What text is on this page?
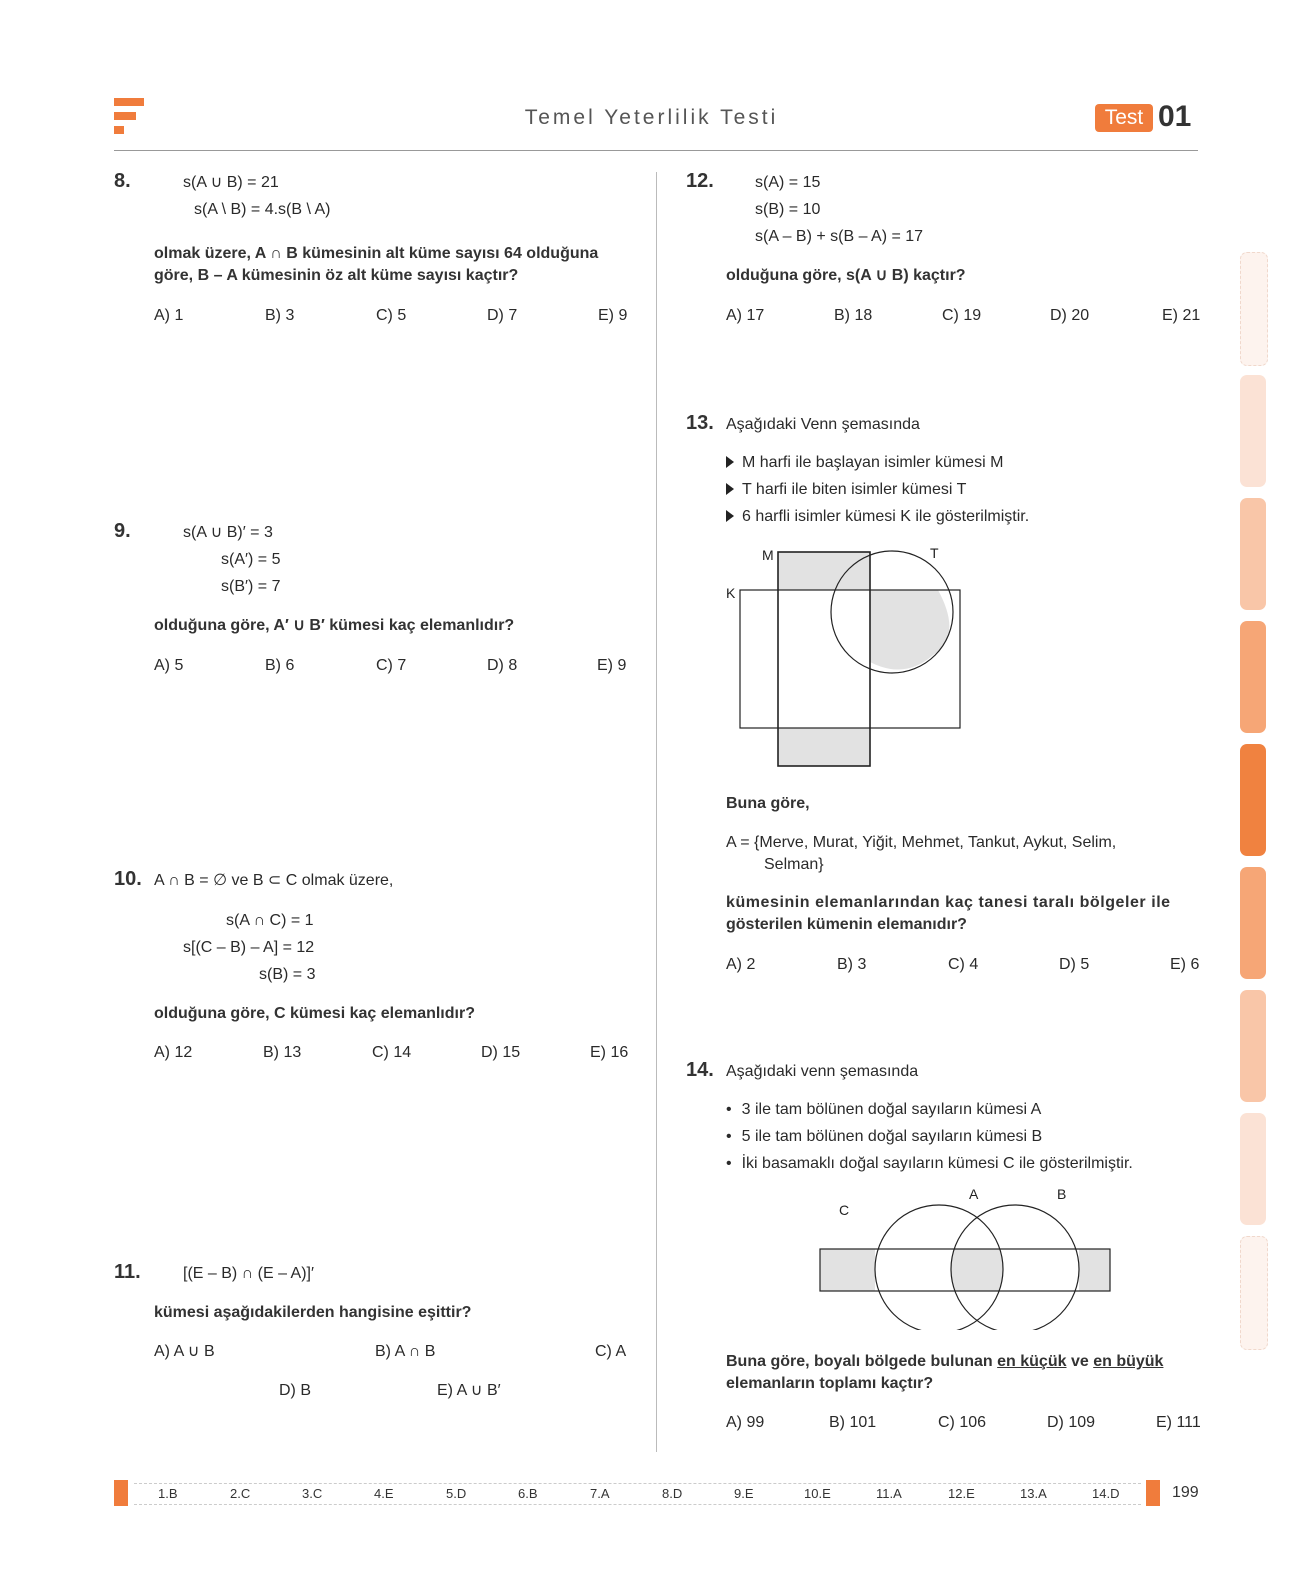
Temel Yeterlilik Testi	Test 01
8.	s(A ∪ B) = 21
s(A \ B) = 4.s(B \ A)
olmak üzere, A ∩ B kümesinin alt küme sayısı 64 olduğuna
göre, B – A kümesinin öz alt küme sayısı kaçtır?
A) 1	B) 3	C) 5	D) 7	E) 9
9.	s(A ∪ B)′ = 3
s(A′) = 5
s(B′) = 7
olduğuna göre, A′ ∪ B′ kümesi kaç elemanlıdır?
A) 5	B) 6	C) 7	D) 8	E) 9
10. A ∩ B = ∅ ve B ⊂ C olmak üzere,
s(A ∩ C) = 1
s[(C – B) – A] = 12
s(B) = 3
olduğuna göre, C kümesi kaç elemanlıdır?
A) 12	B) 13	C) 14	D) 15	E) 16
11.	[(E – B) ∩ (E – A)]′
kümesi aşağıdakilerden hangisine eşittir?
A) A ∪ B	B) A ∩ B	C) A
D) B	E) A ∪ B′
12.	s(A) = 15
s(B) = 10
s(A – B) + s(B – A) = 17
olduğuna göre, s(A ∪ B) kaçtır?
A) 17	B) 18	C) 19	D) 20	E) 21
13. Aşağıdaki Venn şemasında
M harfi ile başlayan isimler kümesi M
T harfi ile biten isimler kümesi T
6 harfli isimler kümesi K ile gösterilmiştir.
M	T
K
Buna göre,
A = {Merve, Murat, Yiğit, Mehmet, Tankut, Aykut, Selim,
Selman}
kümesinin elemanlarından kaç tanesi taralı bölgeler ile
gösterilen kümenin elemanıdır?
A) 2	B) 3	C) 4	D) 5	E) 6
14. Aşağıdaki venn şemasında
• 3 ile tam bölünen doğal sayıların kümesi A
• 5 ile tam bölünen doğal sayıların kümesi B
• İki basamaklı doğal sayıların kümesi C ile gösterilmiştir.
A	B
C
Buna göre, boyalı bölgede bulunan en küçük ve en büyük
elemanların toplamı kaçtır?
A) 99	B) 101	C) 106	D) 109	E) 111
1.B	2.C	3.C	4.E	5.D	6.B	7.A	8.D	9.E	10.E	11.A	12.E	13.A	14.D	199
